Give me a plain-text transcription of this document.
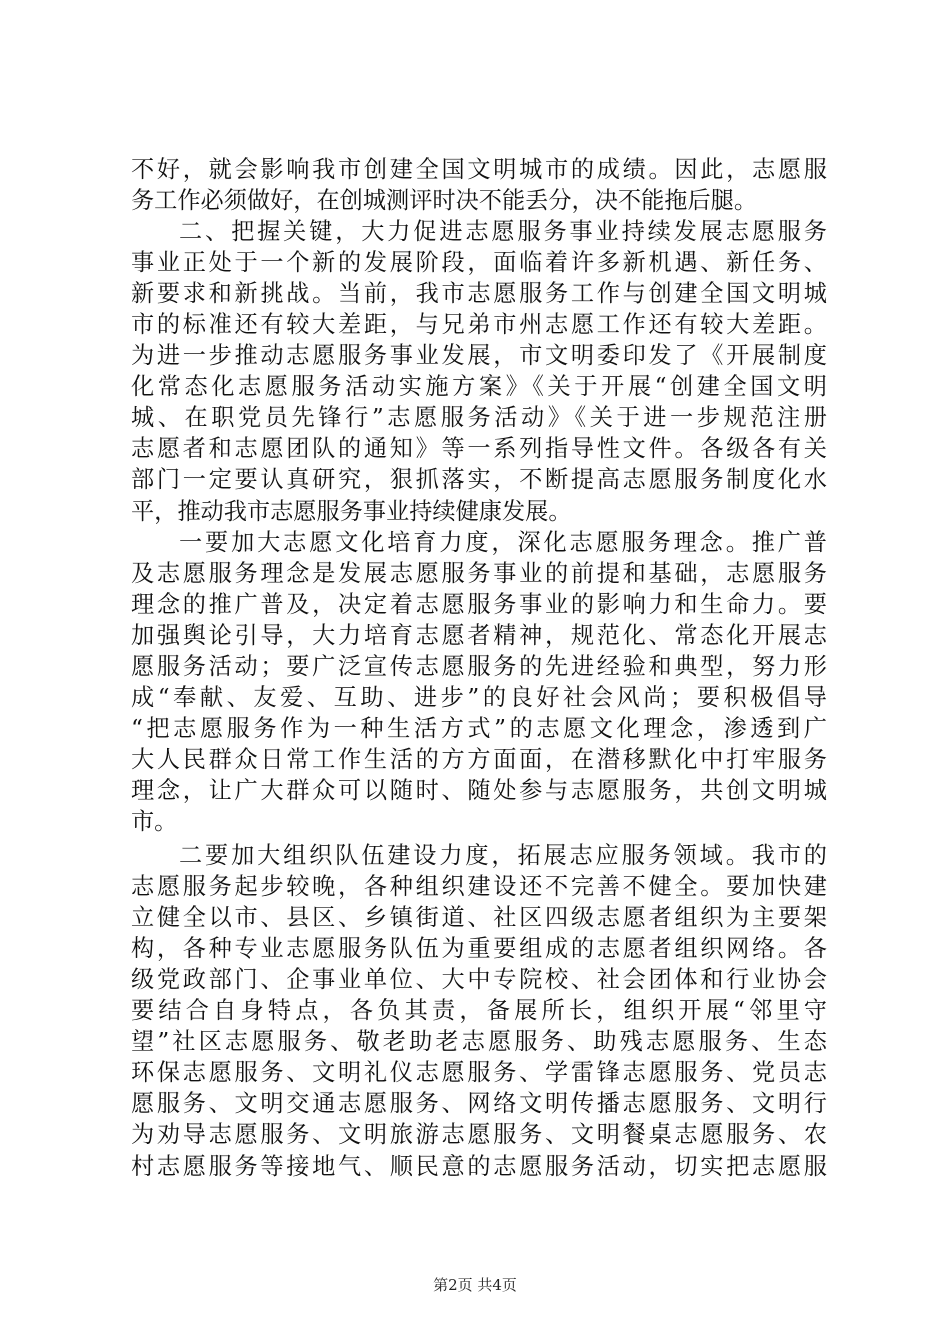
不好，就会影响我市创建全国文明城市的成绩。因此，志愿服
务工作必须做好，在创城测评时决不能丢分，决不能拖后腿。
二、把握关键，大力促进志愿服务事业持续发展志愿服务
事业正处于一个新的发展阶段，面临着许多新机遇、新任务、
新要求和新挑战。当前，我市志愿服务工作与创建全国文明城
市的标准还有较大差距，与兄弟市州志愿工作还有较大差距。
为进一步推动志愿服务事业发展，市文明委印发了《开展制度
化常态化志愿服务活动实施方案》《关于开展“创建全国文明
城、在职党员先锋行”志愿服务活动》《关于进一步规范注册
志愿者和志愿团队的通知》等一系列指导性文件。各级各有关
部门一定要认真研究，狠抓落实，不断提高志愿服务制度化水
平，推动我市志愿服务事业持续健康发展。
一要加大志愿文化培育力度，深化志愿服务理念。推广普
及志愿服务理念是发展志愿服务事业的前提和基础，志愿服务
理念的推广普及，决定着志愿服务事业的影响力和生命力。要
加强舆论引导，大力培育志愿者精神，规范化、常态化开展志
愿服务活动；要广泛宣传志愿服务的先进经验和典型，努力形
成“奉献、友爱、互助、进步”的良好社会风尚；要积极倡导
“把志愿服务作为一种生活方式”的志愿文化理念，渗透到广
大人民群众日常工作生活的方方面面，在潜移默化中打牢服务
理念，让广大群众可以随时、随处参与志愿服务，共创文明城
市。
二要加大组织队伍建设力度，拓展志应服务领域。我市的
志愿服务起步较晚，各种组织建设还不完善不健全。要加快建
立健全以市、县区、乡镇街道、社区四级志愿者组织为主要架
构，各种专业志愿服务队伍为重要组成的志愿者组织网络。各
级党政部门、企事业单位、大中专院校、社会团体和行业协会
要结合自身特点，各负其责，备展所长，组织开展“邻里守
望”社区志愿服务、敬老助老志愿服务、助残志愿服务、生态
环保志愿服务、文明礼仪志愿服务、学雷锋志愿服务、党员志
愿服务、文明交通志愿服务、网络文明传播志愿服务、文明行
为劝导志愿服务、文明旅游志愿服务、文明餐桌志愿服务、农
村志愿服务等接地气、顺民意的志愿服务活动，切实把志愿服
第2页 共4页
